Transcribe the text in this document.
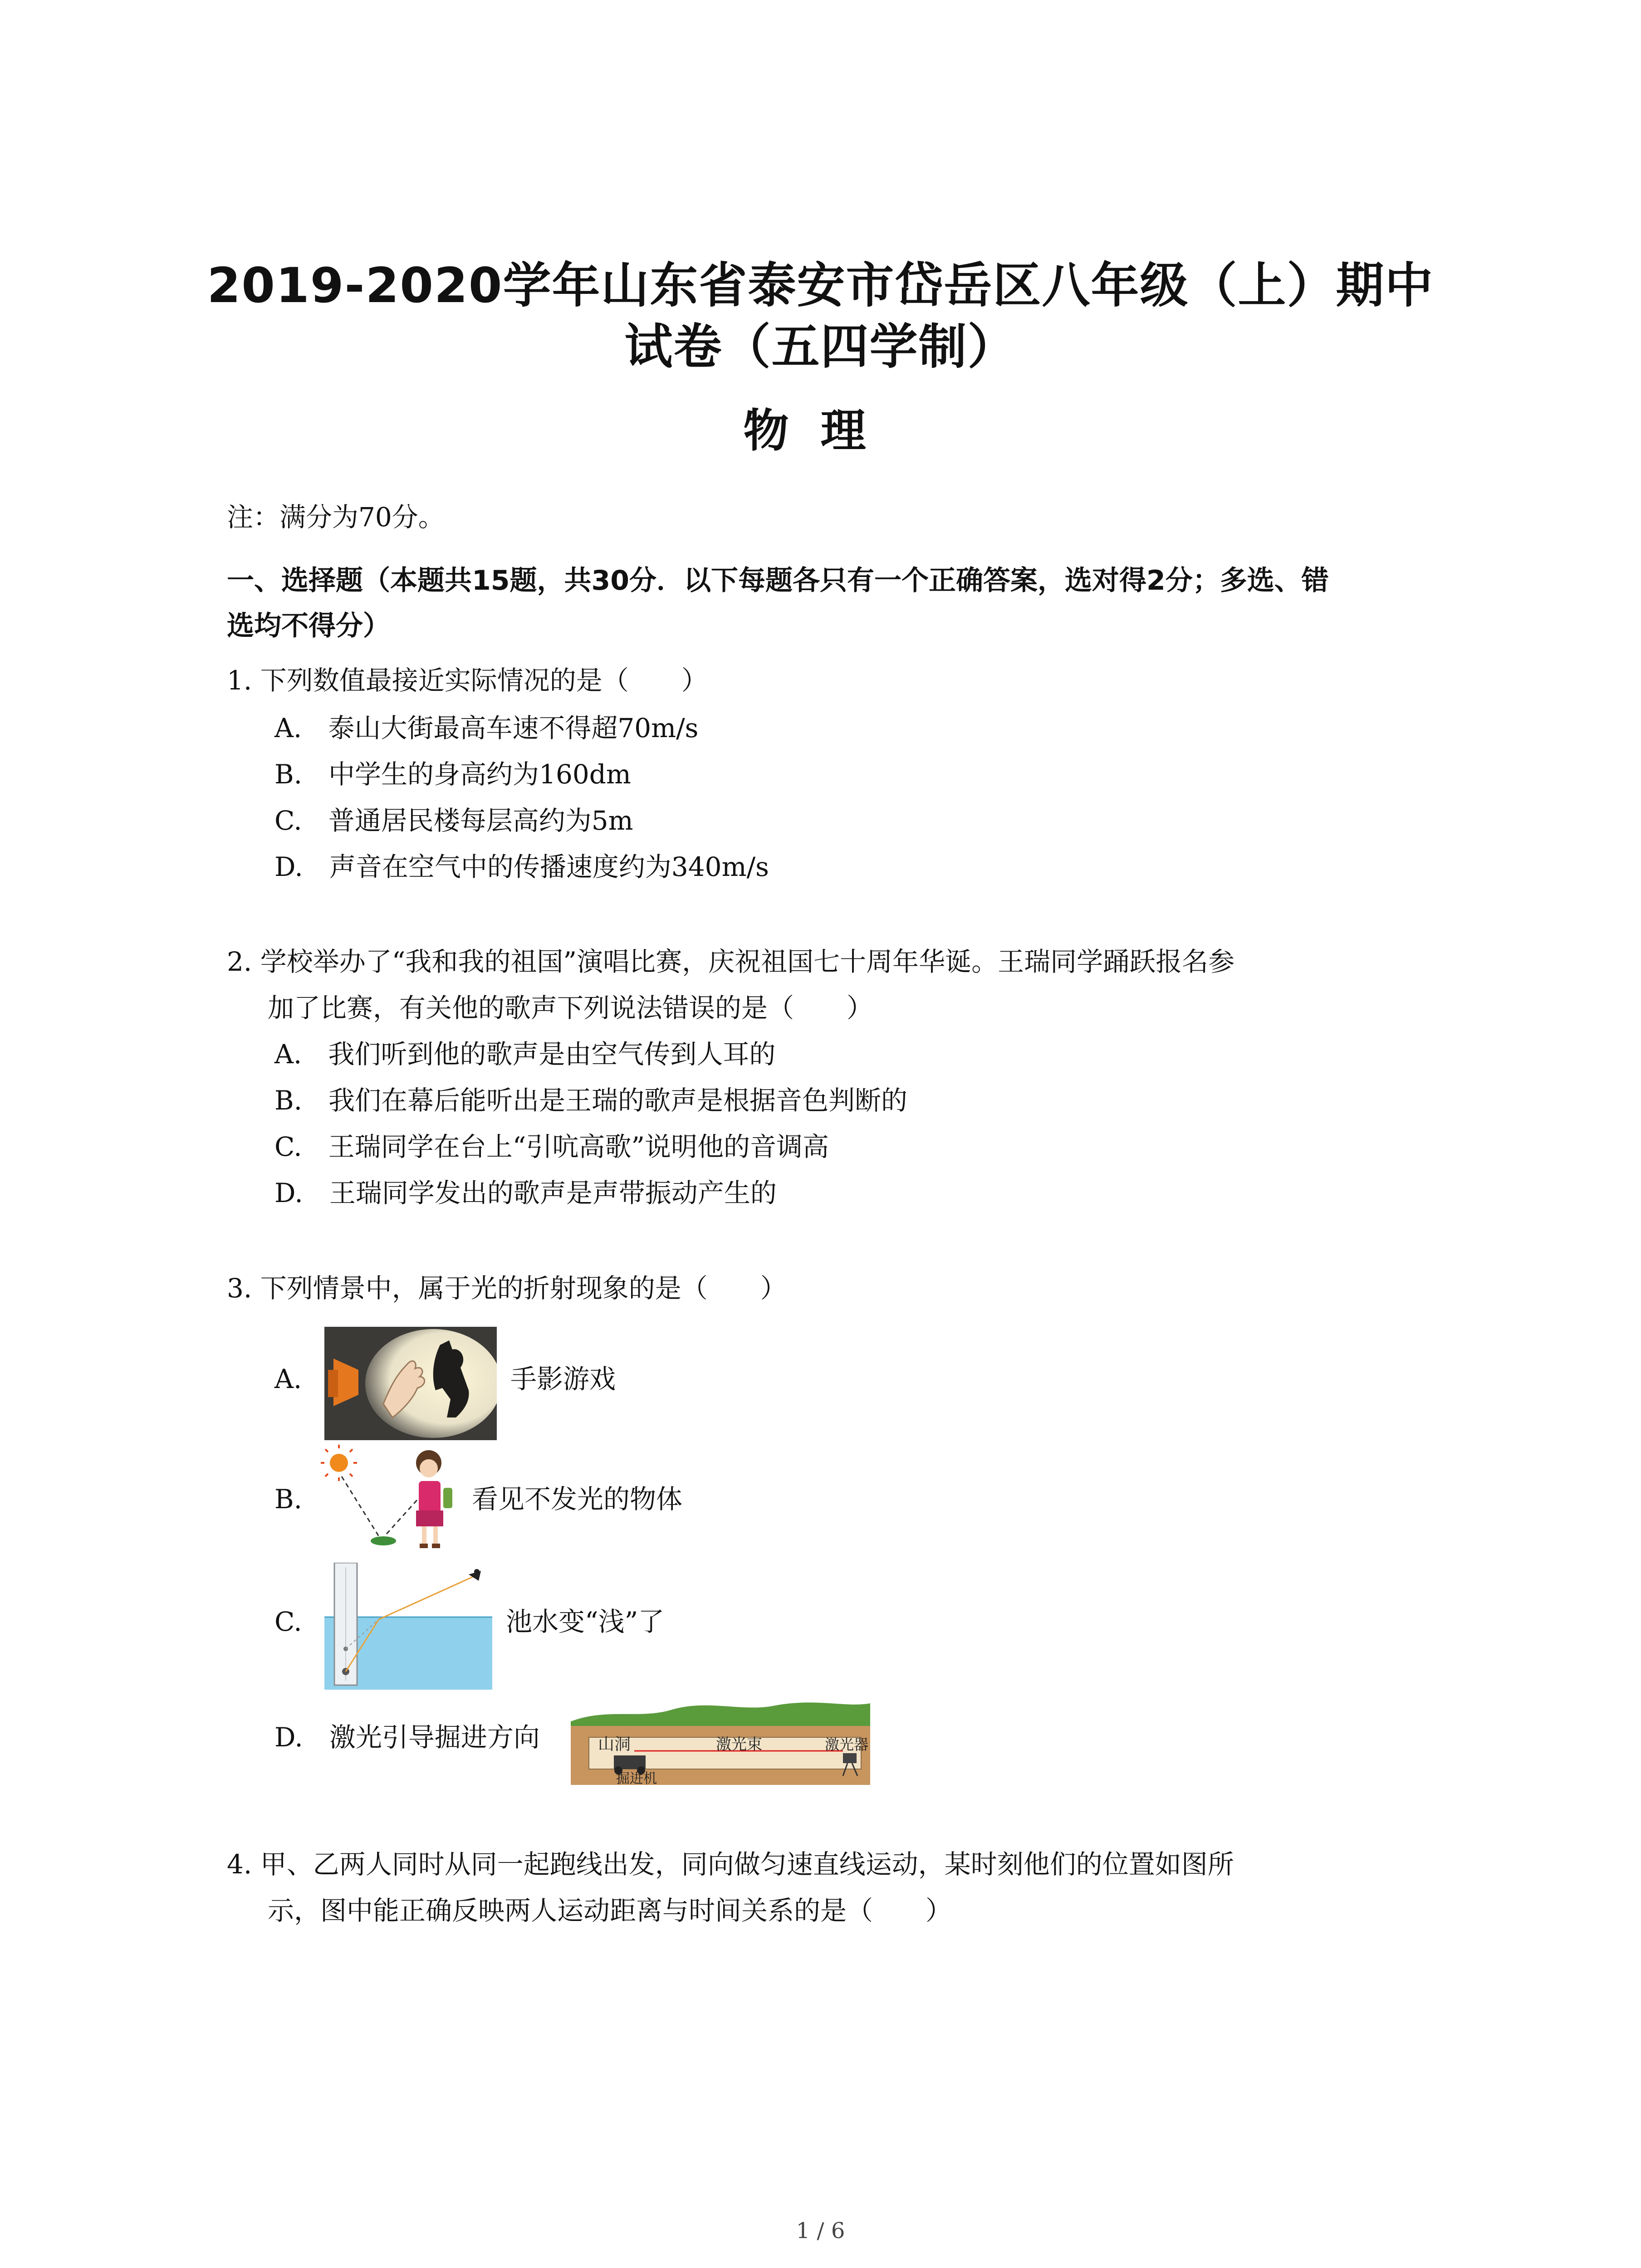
2019-2020学年山东省泰安市岱岳区八年级（上）期中
试卷（五四学制）
物理
注：满分为70分。
一、选择题（本题共15题，共30分．以下每题各只有一个正确答案，选对得2分；多选、错
选均不得分）
1. 下列数值最接近实际情况的是（　　）
A.　泰山大街最高车速不得超70m/s
B.　中学生的身高约为160dm
C.　普通居民楼每层高约为5m
D.　声音在空气中的传播速度约为340m/s
2. 学校举办了“我和我的祖国”演唱比赛，庆祝祖国七十周年华诞。王瑞同学踊跃报名参
加了比赛，有关他的歌声下列说法错误的是（　　）
A.　我们听到他的歌声是由空气传到人耳的
B.　我们在幕后能听出是王瑞的歌声是根据音色判断的
C.　王瑞同学在台上“引吭高歌”说明他的音调高
D.　王瑞同学发出的歌声是声带振动产生的
3. 下列情景中，属于光的折射现象的是（　　）
A.	手影游戏
B.	看见不发光的物体
C.	池水变“浅”了
D.　激光引导掘进方向	山洞	激光束	激光器
掘进机
4. 甲、乙两人同时从同一起跑线出发，同向做匀速直线运动，某时刻他们的位置如图所
示，图中能正确反映两人运动距离与时间关系的是（　　）
1 / 6
